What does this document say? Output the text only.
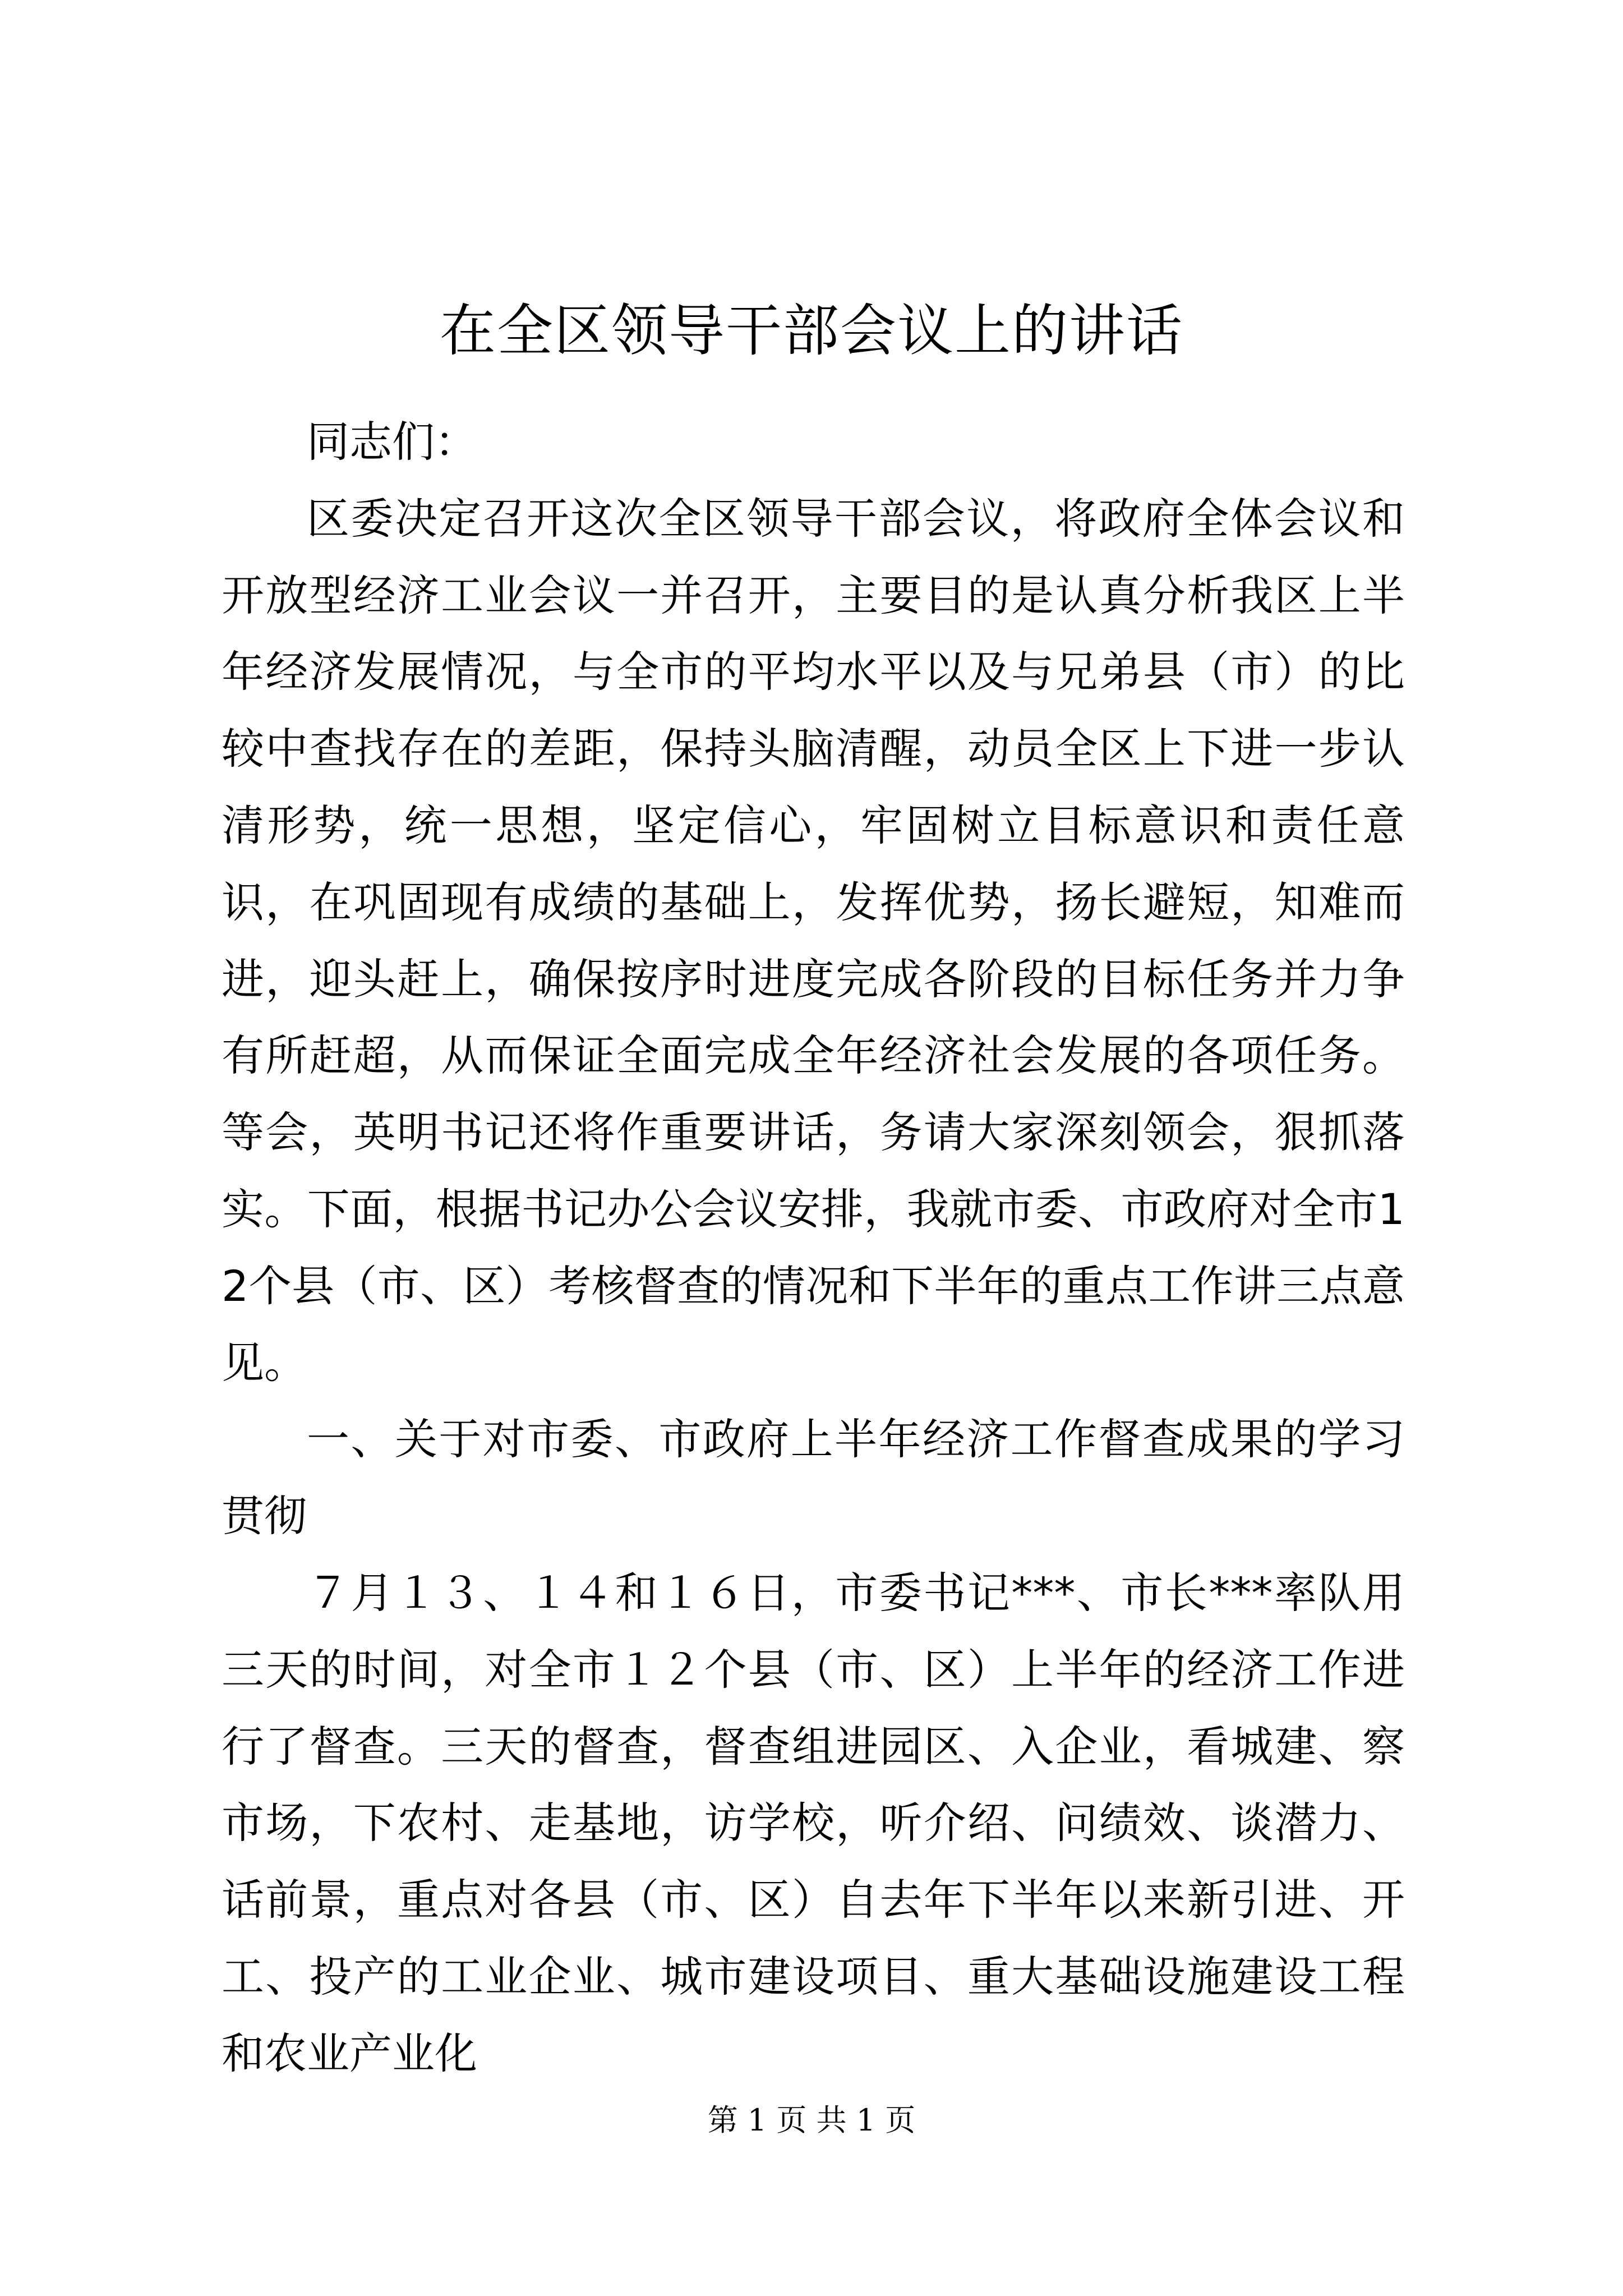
在全区领导干部会议上的讲话

同志们：

区委决定召开这次全区领导干部会议，将政府全体会议和开放型经济工业会议一并召开，主要目的是认真分析我区上半年经济发展情况，与全市的平均水平以及与兄弟县（市）的比较中查找存在的差距，保持头脑清醒，动员全区上下进一步认清形势，统一思想，坚定信心，牢固树立目标意识和责任意识，在巩固现有成绩的基础上，发挥优势，扬长避短，知难而进，迎头赶上，确保按序时进度完成各阶段的目标任务并力争有所赶超，从而保证全面完成全年经济社会发展的各项任务。等会，英明书记还将作重要讲话，务请大家深刻领会，狠抓落实。下面，根据书记办公会议安排，我就市委、市政府对全市12个县（市、区）考核督查的情况和下半年的重点工作讲三点意见。

一、关于对市委、市政府上半年经济工作督查成果的学习贯彻

７月１３、１４和１６日，市委书记***、市长***率队用三天的时间，对全市１２个县（市、区）上半年的经济工作进行了督查。三天的督查，督查组进园区、入企业，看城建、察市场，下农村、走基地，访学校，听介绍、问绩效、谈潜力、话前景，重点对各县（市、区）自去年下半年以来新引进、开工、投产的工业企业、城市建设项目、重大基础设施建设工程和农业产业化

第 1 页 共 1 页
